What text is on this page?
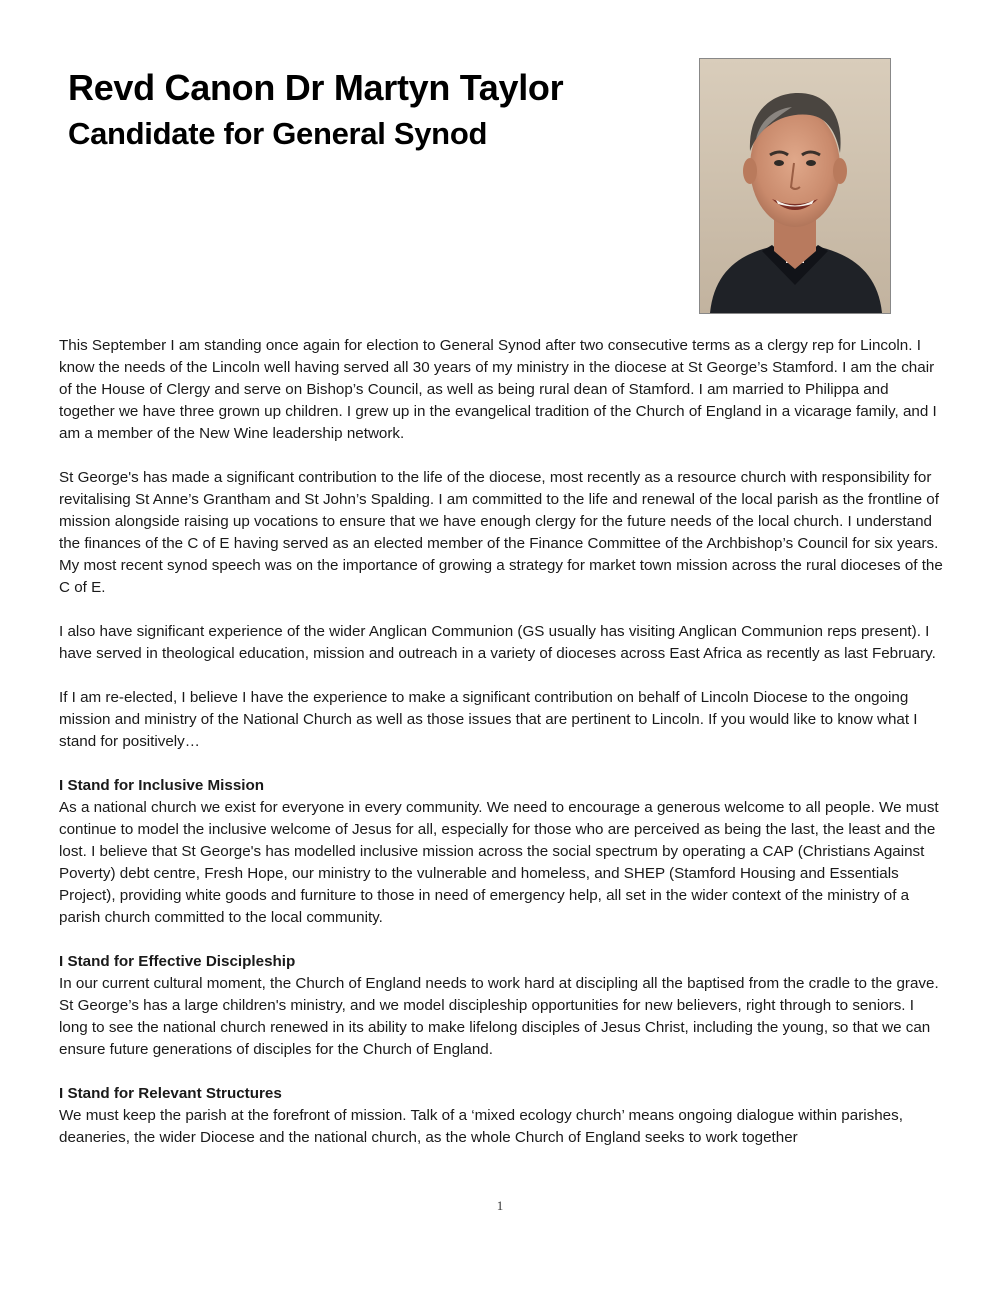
Revd Canon Dr Martyn Taylor
Candidate for General Synod

This September I am standing once again for election to General Synod after two consecutive terms as a clergy rep for Lincoln. I know the needs of the Lincoln well having served all 30 years of my ministry in the diocese at St George’s Stamford. I am the chair of the House of Clergy and serve on Bishop’s Council, as well as being rural dean of Stamford. I am married to Philippa and together we have three grown up children. I grew up in the evangelical tradition of the Church of England in a vicarage family, and I am a member of the New Wine leadership network.

St George's has made a significant contribution to the life of the diocese, most recently as a resource church with responsibility for revitalising St Anne’s Grantham and St John’s Spalding. I am committed to the life and renewal of the local parish as the frontline of mission alongside raising up vocations to ensure that we have enough clergy for the future needs of the local church. I understand the finances of the C of E having served as an elected member of the Finance Committee of the Archbishop’s Council for six years. My most recent synod speech was on the importance of growing a strategy for market town mission across the rural dioceses of the C of E.

I also have significant experience of the wider Anglican Communion (GS usually has visiting Anglican Communion reps present). I have served in theological education, mission and outreach in a variety of dioceses across East Africa as recently as last February.

If I am re-elected, I believe I have the experience to make a significant contribution on behalf of Lincoln Diocese to the ongoing mission and ministry of the National Church as well as those issues that are pertinent to Lincoln. If you would like to know what I stand for positively…

I Stand for Inclusive Mission

As a national church we exist for everyone in every community. We need to encourage a generous welcome to all people. We must continue to model the inclusive welcome of Jesus for all, especially for those who are perceived as being the last, the least and the lost. I believe that St George's has modelled inclusive mission across the social spectrum by operating a CAP (Christians Against Poverty) debt centre, Fresh Hope, our ministry to the vulnerable and homeless, and SHEP (Stamford Housing and Essentials Project), providing white goods and furniture to those in need of emergency help, all set in the wider context of the ministry of a parish church committed to the local community.

I Stand for Effective Discipleship

In our current cultural moment, the Church of England needs to work hard at discipling all the baptised from the cradle to the grave. St George’s has a large children's ministry, and we model discipleship opportunities for new believers, right through to seniors. I long to see the national church renewed in its ability to make lifelong disciples of Jesus Christ, including the young, so that we can ensure future generations of disciples for the Church of England.

I Stand for Relevant Structures

We must keep the parish at the forefront of mission. Talk of a ‘mixed ecology church’ means ongoing dialogue within parishes, deaneries, the wider Diocese and the national church, as the whole Church of England seeks to work together

1
